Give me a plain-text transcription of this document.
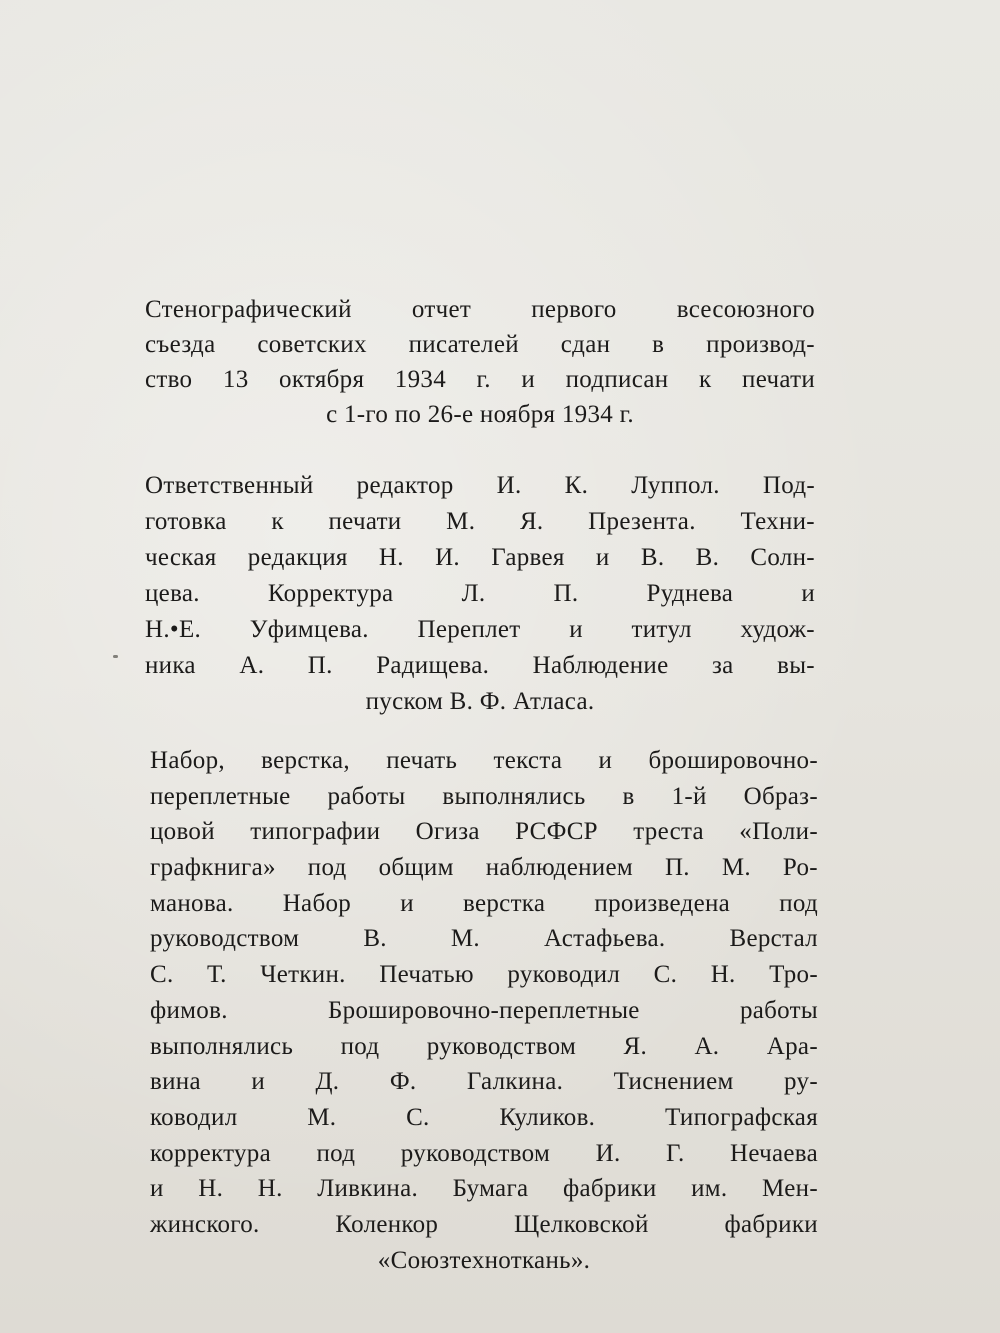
Стенографический отчет первого всесоюзного
съезда советских писателей сдан в производ-
ство 13 октября 1934 г. и подписан к печати
с 1-го по 26-е ноября 1934 г.
Ответственный редактор И. К. Луппол. Под-
готовка к печати М. Я. Презента. Техни-
ческая редакция Н. И. Гарвея и В. В. Солн-
цева.	Корректура	Л.	П.	Руднева	и
Н.•Е. Уфимцева. Переплет и титул худож-
ника А. П. Радищева. Наблюдение за вы-
пуском В. Ф. Атласа.
Набор, верстка, печать текста и брошировочно-
переплетные работы выполнялись в 1-й Образ-
цовой типографии Огиза РСФСР треста «Поли-
графкнига» под общим наблюдением П. М. Ро-
манова. Набор и верстка произведена под
руководством	В.	М.	Астафьева.	Верстал
С. Т. Четкин. Печатью руководил С. Н. Тро-
фимов.	Брошировочно-переплетные	работы
выполнялись под руководством Я. А. Ара-
вина и Д. Ф. Галкина. Тиснением ру-
ководил	М.	С.	Куликов.	Типографская
корректура под руководством И. Г. Нечаева
и Н. Н. Ливкина. Бумага фабрики им. Мен-
жинского.	Коленкор	Щелковской	фабрики
«Союзтехноткань».
